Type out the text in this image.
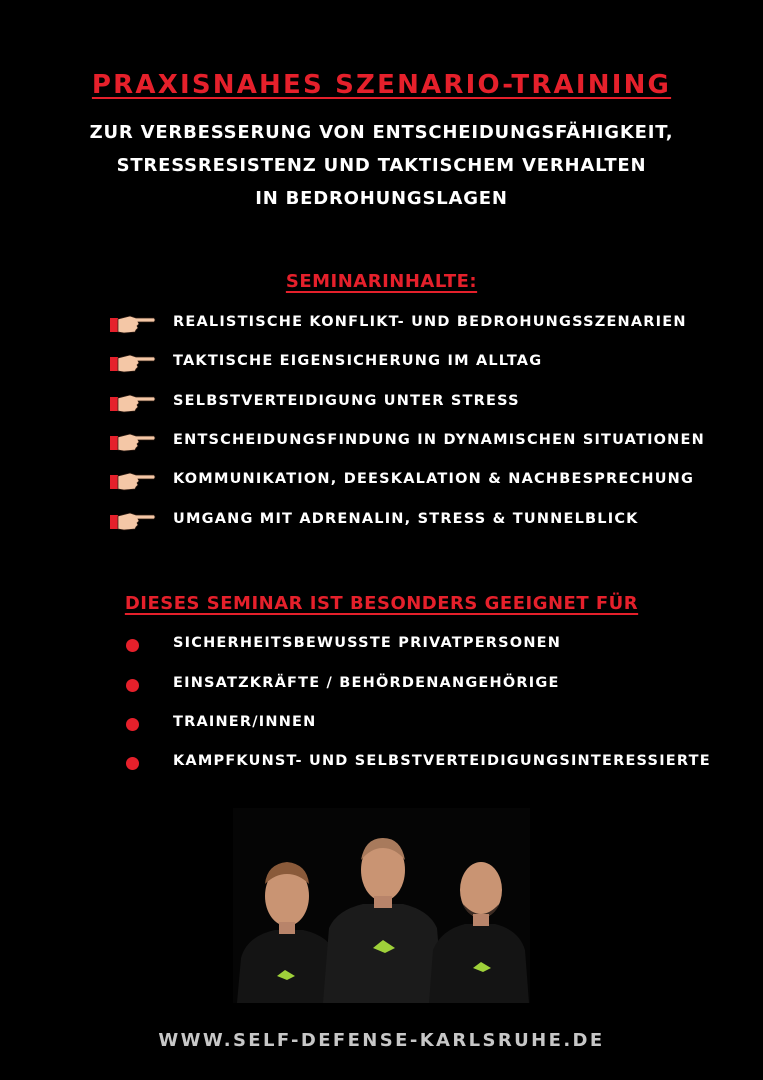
PRAXISNAHES SZENARIO-TRAINING
ZUR VERBESSERUNG VON ENTSCHEIDUNGSFÄHIGKEIT,
STRESSRESISTENZ UND TAKTISCHEM VERHALTEN
IN BEDROHUNGSLAGEN
SEMINARINHALTE:
REALISTISCHE KONFLIKT- UND BEDROHUNGSSZENARIEN
TAKTISCHE EIGENSICHERUNG IM ALLTAG
SELBSTVERTEIDIGUNG UNTER STRESS
ENTSCHEIDUNGSFINDUNG IN DYNAMISCHEN SITUATIONEN
KOMMUNIKATION, DEESKALATION & NACHBESPRECHUNG
UMGANG MIT ADRENALIN, STRESS & TUNNELBLICK
DIESES SEMINAR IST BESONDERS GEEIGNET FÜR
SICHERHEITSBEWUSSTE PRIVATPERSONEN
EINSATZKRÄFTE / BEHÖRDENANGEHÖRIGE
TRAINER/INNEN
KAMPFKUNST- UND SELBSTVERTEIDIGUNGSINTERESSIERTE
WWW.SELF-DEFENSE-KARLSRUHE.DE
